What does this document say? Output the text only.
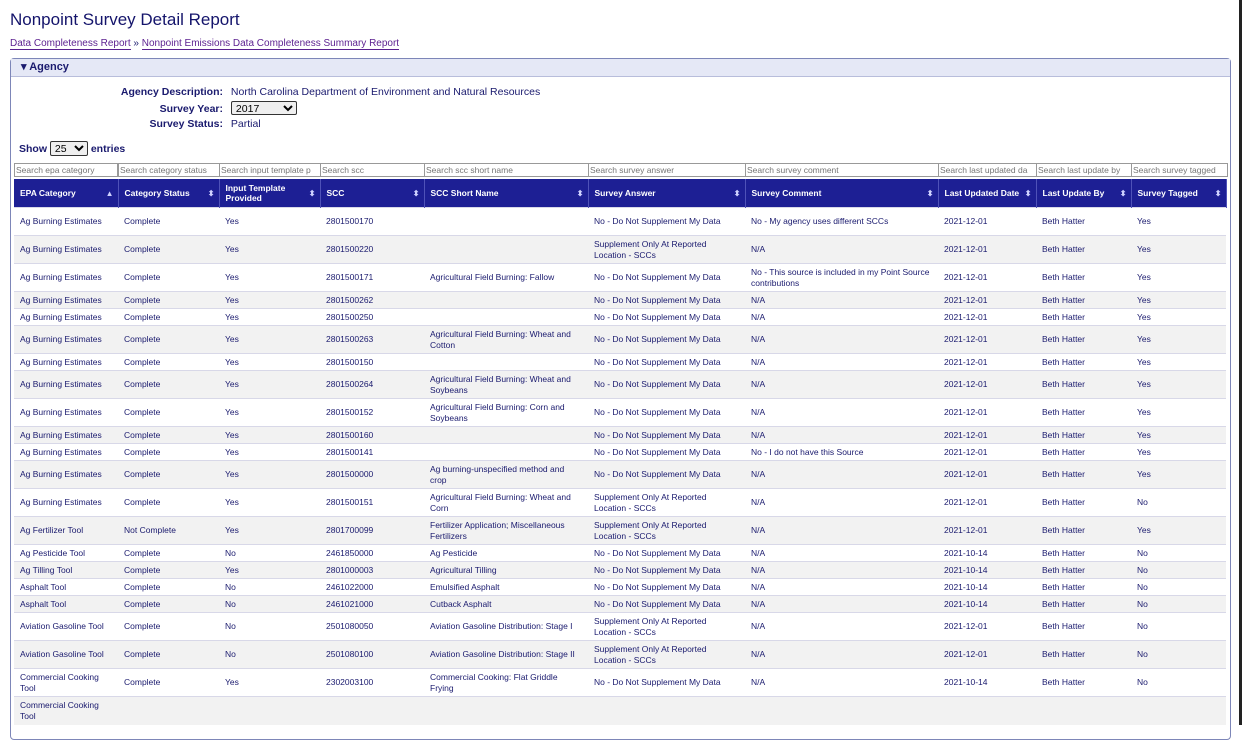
Nonpoint Survey Detail Report
Data Completeness Report » Nonpoint Emissions Data Completeness Summary Report
▾ Agency
Agency Description: North Carolina Department of Environment and Natural Resources
Survey Year:
2017
Survey Status: Partial
Show
25	entries
Search epa category
Search category status
Search input template p
Search scc
Search scc short name
Search survey answer
Search survey comment
Search last updated da
Search last update by
Search survey tagged
EPA Category ▲	Category Status ⬍	Input Template Provided ⬍	SCC ⬍	SCC Short Name ⬍	Survey Answer ⬍	Survey Comment ⬍	Last Updated Date ⬍	Last Update By ⬍	Survey Tagged ⬍

Ag Burning Estimates	Complete	Yes	2801500170		No - Do Not Supplement My Data	No - My agency uses different SCCs	2021-12-01	Beth Hatter	Yes
Ag Burning Estimates	Complete	Yes	2801500220		Supplement Only At Reported Location - SCCs	N/A	2021-12-01	Beth Hatter	Yes
Ag Burning Estimates	Complete	Yes	2801500171	Agricultural Field Burning: Fallow	No - Do Not Supplement My Data	No - This source is included in my Point Source contributions	2021-12-01	Beth Hatter	Yes
Ag Burning Estimates	Complete	Yes	2801500262		No - Do Not Supplement My Data	N/A	2021-12-01	Beth Hatter	Yes
Ag Burning Estimates	Complete	Yes	2801500250		No - Do Not Supplement My Data	N/A	2021-12-01	Beth Hatter	Yes
Ag Burning Estimates	Complete	Yes	2801500263	Agricultural Field Burning: Wheat and Cotton	No - Do Not Supplement My Data	N/A	2021-12-01	Beth Hatter	Yes
Ag Burning Estimates	Complete	Yes	2801500150		No - Do Not Supplement My Data	N/A	2021-12-01	Beth Hatter	Yes
Ag Burning Estimates	Complete	Yes	2801500264	Agricultural Field Burning: Wheat and Soybeans	No - Do Not Supplement My Data	N/A	2021-12-01	Beth Hatter	Yes
Ag Burning Estimates	Complete	Yes	2801500152	Agricultural Field Burning: Corn and Soybeans	No - Do Not Supplement My Data	N/A	2021-12-01	Beth Hatter	Yes
Ag Burning Estimates	Complete	Yes	2801500160		No - Do Not Supplement My Data	N/A	2021-12-01	Beth Hatter	Yes
Ag Burning Estimates	Complete	Yes	2801500141		No - Do Not Supplement My Data	No - I do not have this Source	2021-12-01	Beth Hatter	Yes
Ag Burning Estimates	Complete	Yes	2801500000	Ag burning-unspecified method and crop	No - Do Not Supplement My Data	N/A	2021-12-01	Beth Hatter	Yes
Ag Burning Estimates	Complete	Yes	2801500151	Agricultural Field Burning: Wheat and Corn	Supplement Only At Reported Location - SCCs	N/A	2021-12-01	Beth Hatter	No
Ag Fertilizer Tool	Not Complete	Yes	2801700099	Fertilizer Application; Miscellaneous Fertilizers	Supplement Only At Reported Location - SCCs	N/A	2021-12-01	Beth Hatter	Yes
Ag Pesticide Tool	Complete	No	2461850000	Ag Pesticide	No - Do Not Supplement My Data	N/A	2021-10-14	Beth Hatter	No
Ag Tilling Tool	Complete	Yes	2801000003	Agricultural Tilling	No - Do Not Supplement My Data	N/A	2021-10-14	Beth Hatter	No
Asphalt Tool	Complete	No	2461022000	Emulsified Asphalt	No - Do Not Supplement My Data	N/A	2021-10-14	Beth Hatter	No
Asphalt Tool	Complete	No	2461021000	Cutback Asphalt	No - Do Not Supplement My Data	N/A	2021-10-14	Beth Hatter	No
Aviation Gasoline Tool	Complete	No	2501080050	Aviation Gasoline Distribution: Stage I	Supplement Only At Reported Location - SCCs	N/A	2021-12-01	Beth Hatter	No
Aviation Gasoline Tool	Complete	No	2501080100	Aviation Gasoline Distribution: Stage II	Supplement Only At Reported Location - SCCs	N/A	2021-12-01	Beth Hatter	No
Commercial Cooking Tool	Complete	Yes	2302003100	Commercial Cooking: Flat Griddle Frying	No - Do Not Supplement My Data	N/A	2021-10-14	Beth Hatter	No
Commercial Cooking Tool									
